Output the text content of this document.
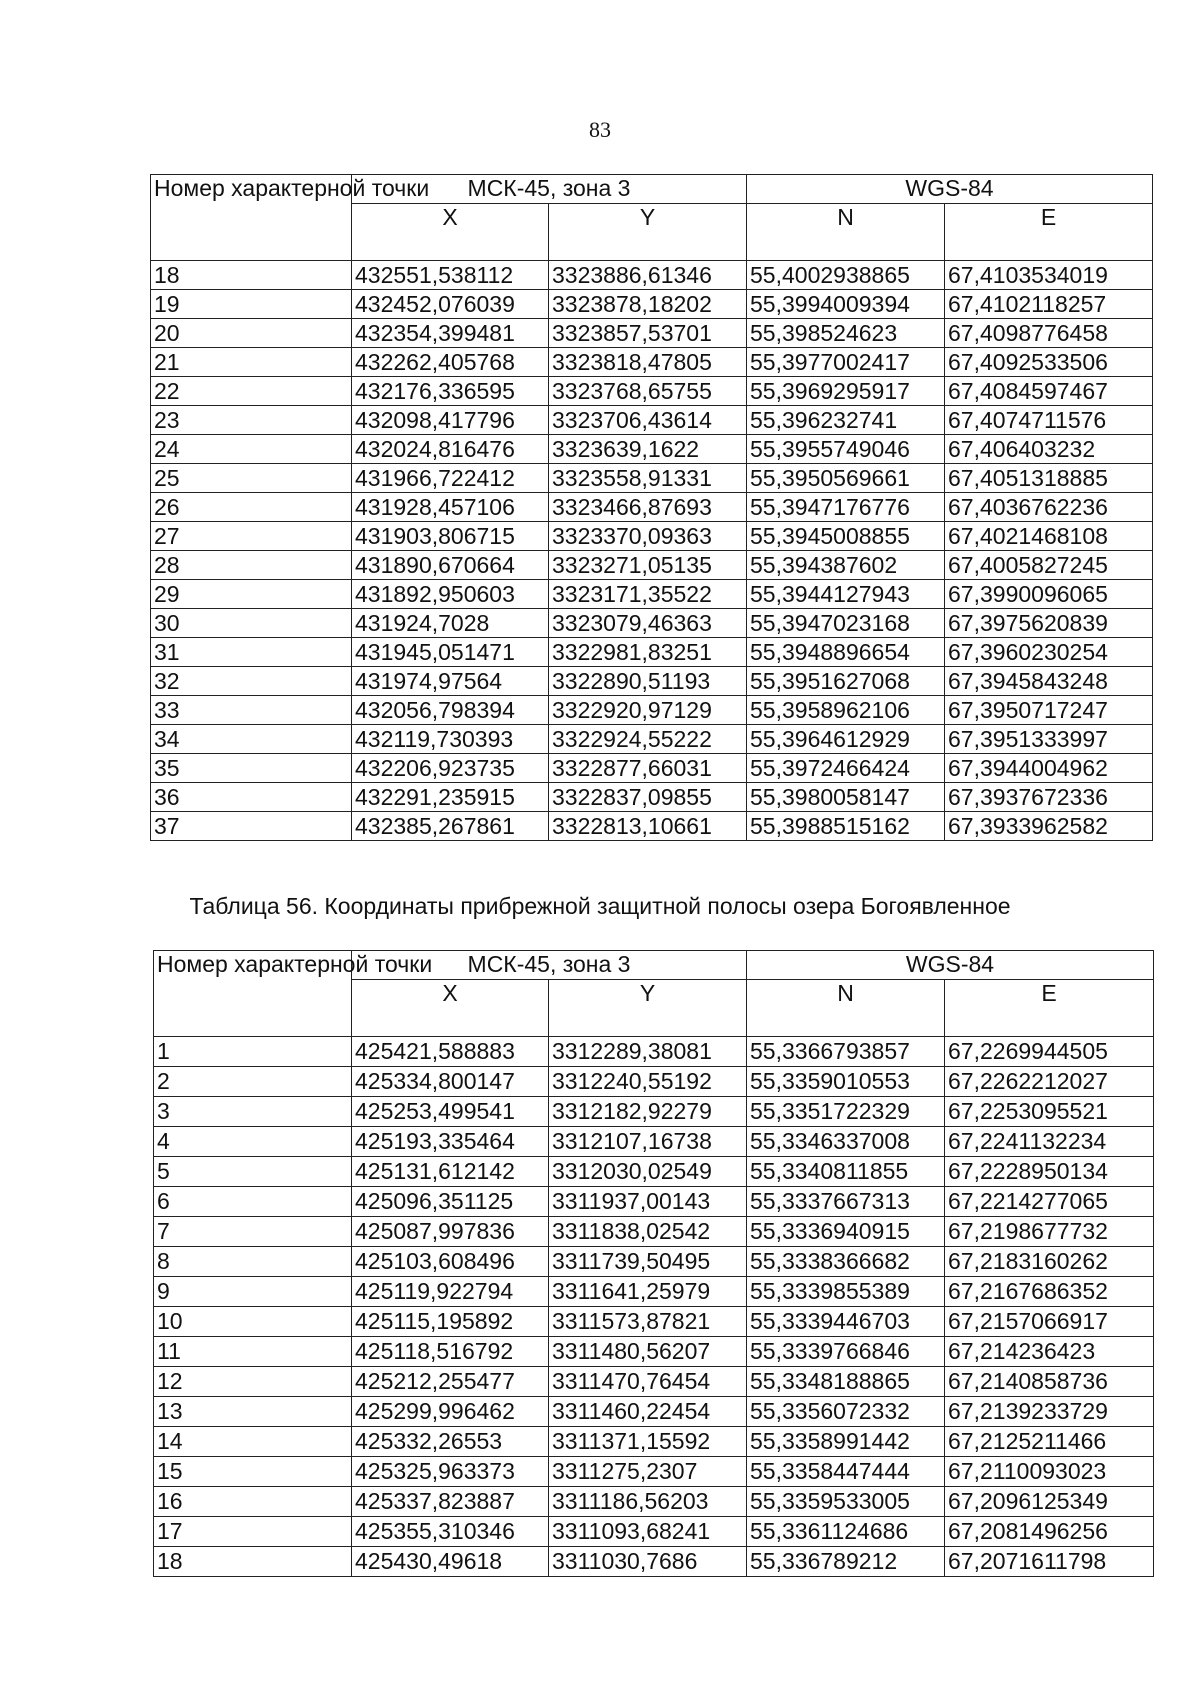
83
Номер характерной точки	МСК-45, зона 3		WGS-84	
	X	Y	N	E
18	432551,538112	3323886,61346	55,4002938865	67,4103534019
19	432452,076039	3323878,18202	55,3994009394	67,4102118257
20	432354,399481	3323857,53701	55,398524623	67,4098776458
21	432262,405768	3323818,47805	55,3977002417	67,4092533506
22	432176,336595	3323768,65755	55,3969295917	67,4084597467
23	432098,417796	3323706,43614	55,396232741	67,4074711576
24	432024,816476	3323639,1622	55,3955749046	67,406403232
25	431966,722412	3323558,91331	55,3950569661	67,4051318885
26	431928,457106	3323466,87693	55,3947176776	67,4036762236
27	431903,806715	3323370,09363	55,3945008855	67,4021468108
28	431890,670664	3323271,05135	55,394387602	67,4005827245
29	431892,950603	3323171,35522	55,3944127943	67,3990096065
30	431924,7028	3323079,46363	55,3947023168	67,3975620839
31	431945,051471	3322981,83251	55,3948896654	67,3960230254
32	431974,97564	3322890,51193	55,3951627068	67,3945843248
33	432056,798394	3322920,97129	55,3958962106	67,3950717247
34	432119,730393	3322924,55222	55,3964612929	67,3951333997
35	432206,923735	3322877,66031	55,3972466424	67,3944004962
36	432291,235915	3322837,09855	55,3980058147	67,3937672336
37	432385,267861	3322813,10661	55,3988515162	67,3933962582
Таблица 56. Координаты прибрежной защитной полосы озера Богоявленное
Номер характерной точки	МСК-45, зона 3		WGS-84	
	X	Y	N	E
1	425421,588883	3312289,38081	55,3366793857	67,2269944505
2	425334,800147	3312240,55192	55,3359010553	67,2262212027
3	425253,499541	3312182,92279	55,3351722329	67,2253095521
4	425193,335464	3312107,16738	55,3346337008	67,2241132234
5	425131,612142	3312030,02549	55,3340811855	67,2228950134
6	425096,351125	3311937,00143	55,3337667313	67,2214277065
7	425087,997836	3311838,02542	55,3336940915	67,2198677732
8	425103,608496	3311739,50495	55,3338366682	67,2183160262
9	425119,922794	3311641,25979	55,3339855389	67,2167686352
10	425115,195892	3311573,87821	55,3339446703	67,2157066917
11	425118,516792	3311480,56207	55,3339766846	67,214236423
12	425212,255477	3311470,76454	55,3348188865	67,2140858736
13	425299,996462	3311460,22454	55,3356072332	67,2139233729
14	425332,26553	3311371,15592	55,3358991442	67,2125211466
15	425325,963373	3311275,2307	55,3358447444	67,2110093023
16	425337,823887	3311186,56203	55,3359533005	67,2096125349
17	425355,310346	3311093,68241	55,3361124686	67,2081496256
18	425430,49618	3311030,7686	55,336789212	67,2071611798
